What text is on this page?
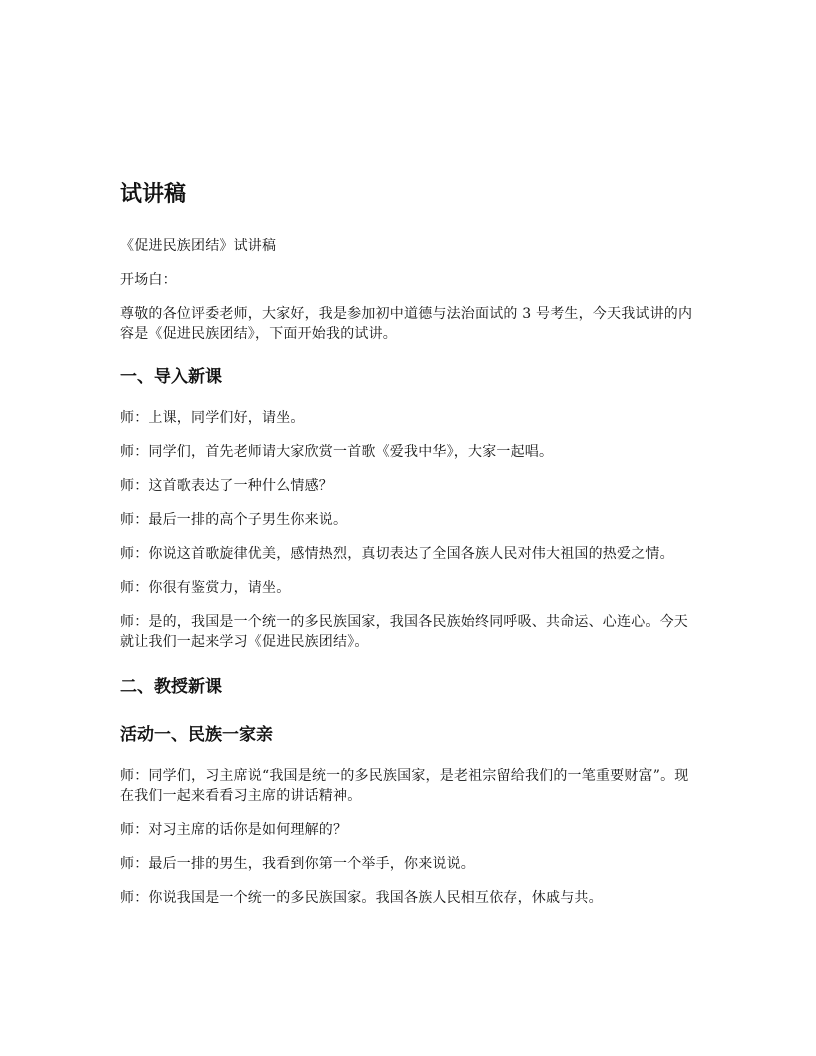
试讲稿

《促进民族团结》试讲稿

开场白：

尊敬的各位评委老师，大家好，我是参加初中道德与法治面试的 3 号考生，今天我试讲的内容是《促进民族团结》，下面开始我的试讲。

一、导入新课

师：上课，同学们好，请坐。

师：同学们，首先老师请大家欣赏一首歌《爱我中华》，大家一起唱。

师：这首歌表达了一种什么情感？

师：最后一排的高个子男生你来说。

师：你说这首歌旋律优美，感情热烈，真切表达了全国各族人民对伟大祖国的热爱之情。

师：你很有鉴赏力，请坐。

师：是的，我国是一个统一的多民族国家，我国各民族始终同呼吸、共命运、心连心。今天就让我们一起来学习《促进民族团结》。

二、教授新课
活动一、民族一家亲

师：同学们，习主席说“我国是统一的多民族国家，是老祖宗留给我们的一笔重要财富”。现在我们一起来看看习主席的讲话精神。

师：对习主席的话你是如何理解的？

师：最后一排的男生，我看到你第一个举手，你来说说。

师：你说我国是一个统一的多民族国家。我国各族人民相互依存，休戚与共。
